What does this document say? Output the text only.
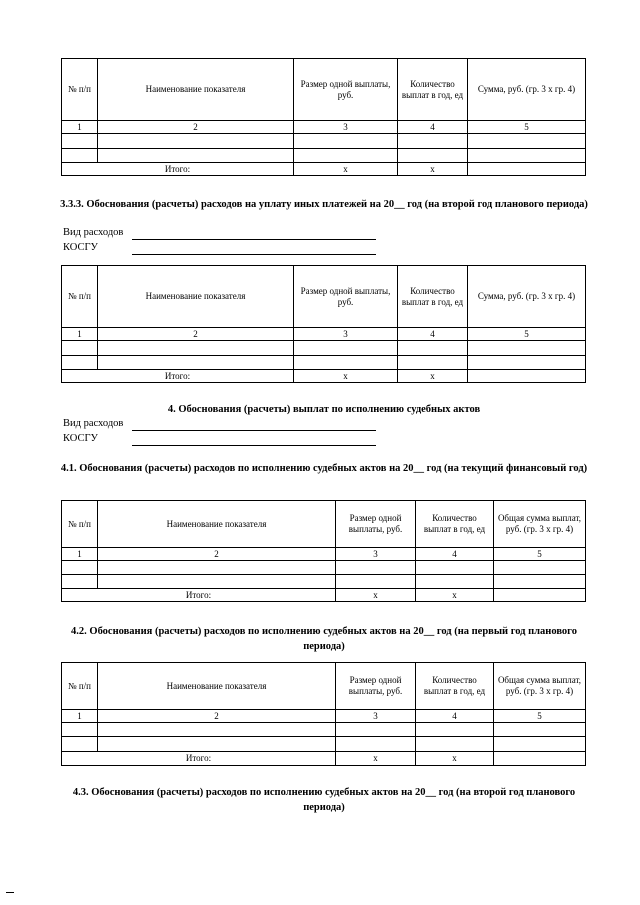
№ п/п	Наименование показателя	Размер одной выплаты, руб.	Количество выплат в год, ед	Сумма, руб. (гр. 3 x гр. 4)
1	2	3	4	5

Итого:		x	x	
3.3.3. Обоснования (расчеты) расходов на уплату иных платежей на 20__ год (на второй год планового периода)
Вид расходов
КОСГУ
№ п/п	Наименование показателя	Размер одной выплаты, руб.	Количество выплат в год, ед	Сумма, руб. (гр. 3 x гр. 4)
1	2	3	4	5

Итого:		x	x	
4. Обоснования (расчеты) выплат по исполнению судебных актов
Вид расходов
КОСГУ
4.1. Обоснования (расчеты) расходов по исполнению судебных актов на 20__ год (на текущий финансовый год)
№ п/п	Наименование показателя	Размер одной выплаты, руб.	Количество выплат в год, ед	Общая сумма выплат, руб. (гр. 3 x гр. 4)
1	2	3	4	5

Итого:		x	x	
4.2. Обоснования (расчеты) расходов по исполнению судебных актов на 20__ год (на первый год планового периода)
№ п/п	Наименование показателя	Размер одной выплаты, руб.	Количество выплат в год, ед	Общая сумма выплат, руб. (гр. 3 x гр. 4)
1	2	3	4	5

Итого:		x	x	
4.3. Обоснования (расчеты) расходов по исполнению судебных актов на 20__ год (на второй год планового периода)
